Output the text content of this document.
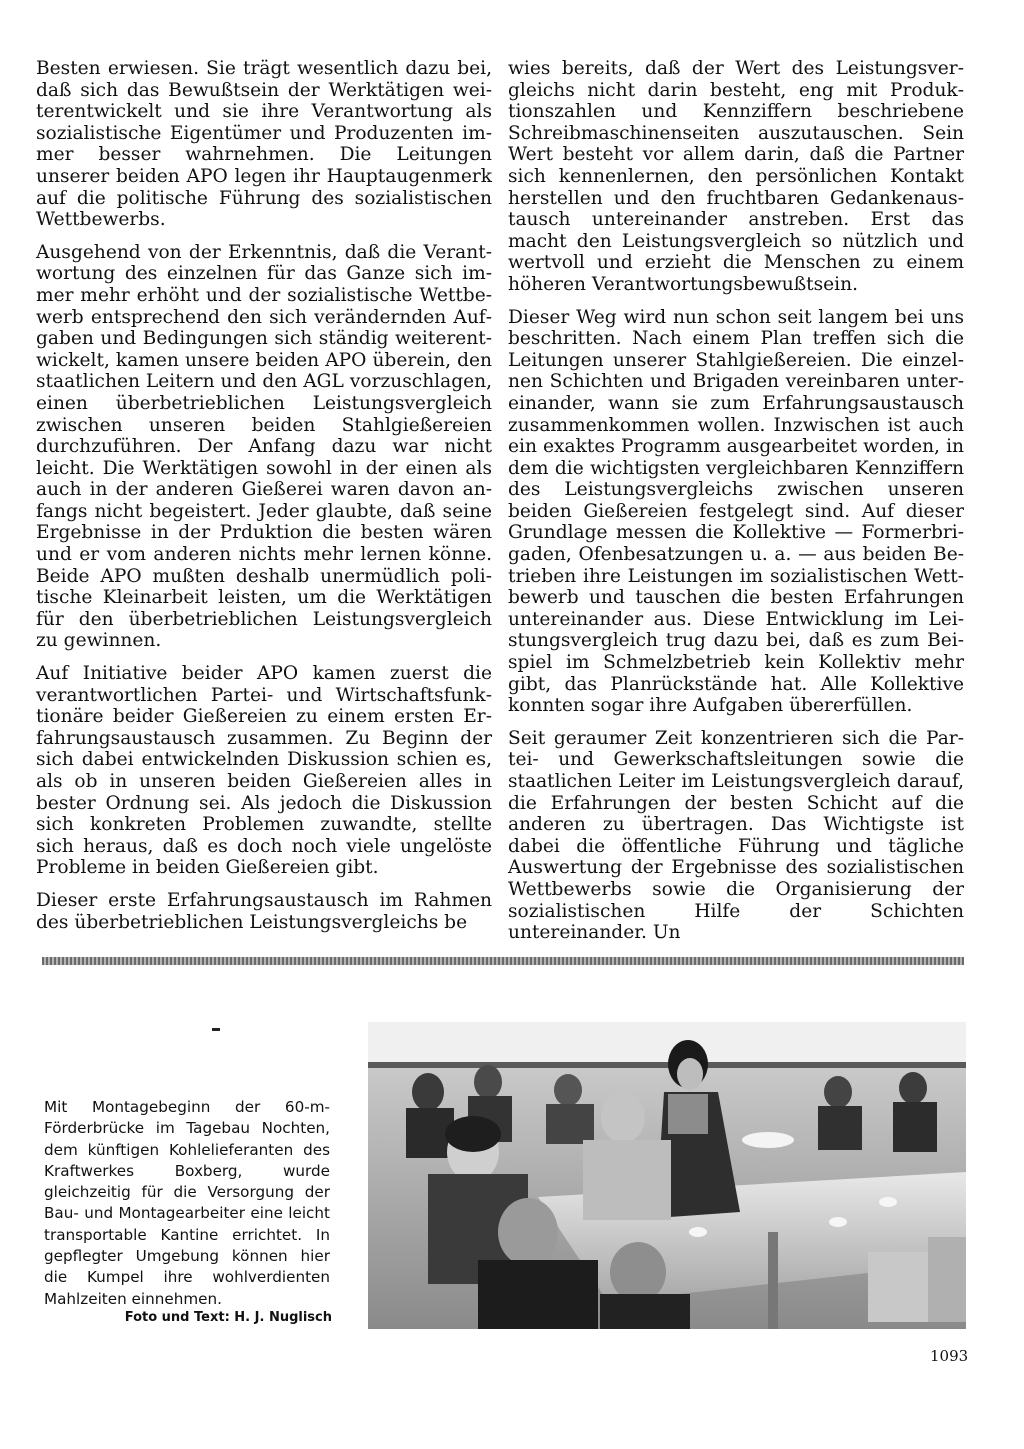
Besten erwiesen. Sie trägt wesentlich dazu bei, daß sich das Bewußtsein der Werktätigen weiterentwickelt und sie ihre Verantwortung als sozialistische Eigentümer und Produzenten immer besser wahrnehmen. Die Leitungen unserer beiden APO legen ihr Hauptaugenmerk auf die politische Führung des sozialistischen Wettbewerbs.

Ausgehend von der Erkenntnis, daß die Verantwortung des einzelnen für das Ganze sich immer mehr erhöht und der sozialistische Wettbewerb entsprechend den sich verändernden Aufgaben und Bedingungen sich ständig weiterentwickelt, kamen unsere beiden APO überein, den staatlichen Leitern und den AGL vorzuschlagen, einen überbetrieblichen Leistungsvergleich zwischen unseren beiden Stahlgießereien durchzuführen. Der Anfang dazu war nicht leicht. Die Werktätigen sowohl in der einen als auch in der anderen Gießerei waren davon anfangs nicht begeistert. Jeder glaubte, daß seine Ergebnisse in der Prduktion die besten wären und er vom anderen nichts mehr lernen könne. Beide APO mußten deshalb unermüdlich politische Kleinarbeit leisten, um die Werktätigen für den überbetrieblichen Leistungsvergleich zu gewinnen.

Auf Initiative beider APO kamen zuerst die verantwortlichen Partei- und Wirtschaftsfunktionäre beider Gießereien zu einem ersten Erfahrungsaustausch zusammen. Zu Beginn der sich dabei entwickelnden Diskussion schien es, als ob in unseren beiden Gießereien alles in bester Ordnung sei. Als jedoch die Diskussion sich konkreten Problemen zuwandte, stellte sich heraus, daß es doch noch viele ungelöste Probleme in beiden Gießereien gibt.

Dieser erste Erfahrungsaustausch im Rahmen des überbetrieblichen Leistungsvergleichs be

wies bereits, daß der Wert des Leistungsvergleichs nicht darin besteht, eng mit Produktionszahlen und Kennziffern beschriebene Schreibmaschinenseiten auszutauschen. Sein Wert besteht vor allem darin, daß die Partner sich kennenlernen, den persönlichen Kontakt herstellen und den fruchtbaren Gedankenaustausch untereinander anstreben. Erst das macht den Leistungsvergleich so nützlich und wertvoll und erzieht die Menschen zu einem höheren Verantwortungsbewußtsein.

Dieser Weg wird nun schon seit langem bei uns beschritten. Nach einem Plan treffen sich die Leitungen unserer Stahlgießereien. Die einzelnen Schichten und Brigaden vereinbaren untereinander, wann sie zum Erfahrungsaustausch zusammenkommen wollen. Inzwischen ist auch ein exaktes Programm ausgearbeitet worden, in dem die wichtigsten vergleichbaren Kennziffern des Leistungsvergleichs zwischen unseren beiden Gießereien festgelegt sind. Auf dieser Grundlage messen die Kollektive — Formerbrigaden, Ofenbesatzungen u. a. — aus beiden Betrieben ihre Leistungen im sozialistischen Wettbewerb und tauschen die besten Erfahrungen untereinander aus. Diese Entwicklung im Leistungsvergleich trug dazu bei, daß es zum Beispiel im Schmelzbetrieb kein Kollektiv mehr gibt, das Planrückstände hat. Alle Kollektive konnten sogar ihre Aufgaben übererfüllen.

Seit geraumer Zeit konzentrieren sich die Partei- und Gewerkschaftsleitungen sowie die staatlichen Leiter im Leistungsvergleich darauf, die Erfahrungen der besten Schicht auf die anderen zu übertragen. Das Wichtigste ist dabei die öffentliche Führung und tägliche Auswertung der Ergebnisse des sozialistischen Wettbewerbs sowie die Organisierung der sozialistischen Hilfe der Schichten untereinander. Un

Mit Montagebeginn der 60-m-Förderbrücke im Tagebau Nochten, dem künftigen Kohlelieferanten des Kraftwerkes Boxberg, wurde gleichzeitig für die Versorgung der Bau- und Montagearbeiter eine leicht transportable Kantine errichtet. In gepflegter Umgebung können hier die Kumpel ihre wohlverdienten Mahlzeiten einnehmen.
Foto und Text: H. J. Nuglisch
1093
